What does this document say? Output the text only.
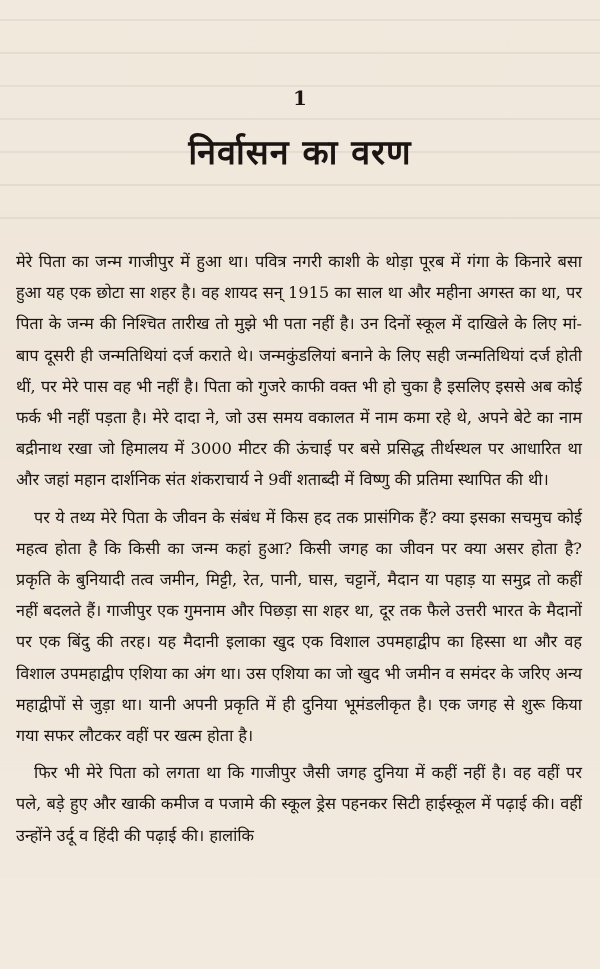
1
निर्वासन का वरण

मेरे पिता का जन्म गाजीपुर में हुआ था। पवित्र नगरी काशी के थोड़ा पूरब में गंगा के किनारे बसा हुआ यह एक छोटा सा शहर है। वह शायद सन् 1915 का साल था और महीना अगस्त का था, पर पिता के जन्म की निश्चित तारीख तो मुझे भी पता नहीं है। उन दिनों स्कूल में दाखिले के लिए मां-बाप दूसरी ही जन्मतिथियां दर्ज कराते थे। जन्मकुंडलियां बनाने के लिए सही जन्मतिथियां दर्ज होती थीं, पर मेरे पास वह भी नहीं है। पिता को गुजरे काफी वक्त भी हो चुका है इसलिए इससे अब कोई फर्क भी नहीं पड़ता है। मेरे दादा ने, जो उस समय वकालत में नाम कमा रहे थे, अपने बेटे का नाम बद्रीनाथ रखा जो हिमालय में 3000 मीटर की ऊंचाई पर बसे प्रसिद्ध तीर्थस्थल पर आधारित था और जहां महान दार्शनिक संत शंकराचार्य ने 9वीं शताब्दी में विष्णु की प्रतिमा स्थापित की थी।

पर ये तथ्य मेरे पिता के जीवन के संबंध में किस हद तक प्रासंगिक हैं? क्या इसका सचमुच कोई महत्व होता है कि किसी का जन्म कहां हुआ? किसी जगह का जीवन पर क्या असर होता है? प्रकृति के बुनियादी तत्व जमीन, मिट्टी, रेत, पानी, घास, चट्टानें, मैदान या पहाड़ या समुद्र तो कहीं नहीं बदलते हैं। गाजीपुर एक गुमनाम और पिछड़ा सा शहर था, दूर तक फैले उत्तरी भारत के मैदानों पर एक बिंदु की तरह। यह मैदानी इलाका खुद एक विशाल उपमहाद्वीप का हिस्सा था और वह विशाल उपमहाद्वीप एशिया का अंग था। उस एशिया का जो खुद भी जमीन व समंदर के जरिए अन्य महाद्वीपों से जुड़ा था। यानी अपनी प्रकृति में ही दुनिया भूमंडलीकृत है। एक जगह से शुरू किया गया सफर लौटकर वहीं पर खत्म होता है।

फिर भी मेरे पिता को लगता था कि गाजीपुर जैसी जगह दुनिया में कहीं नहीं है। वह वहीं पर पले, बड़े हुए और खाकी कमीज व पजामे की स्कूल ड्रेस पहनकर सिटी हाईस्कूल में पढ़ाई की। वहीं उन्होंने उर्दू व हिंदी की पढ़ाई की। हालांकि
